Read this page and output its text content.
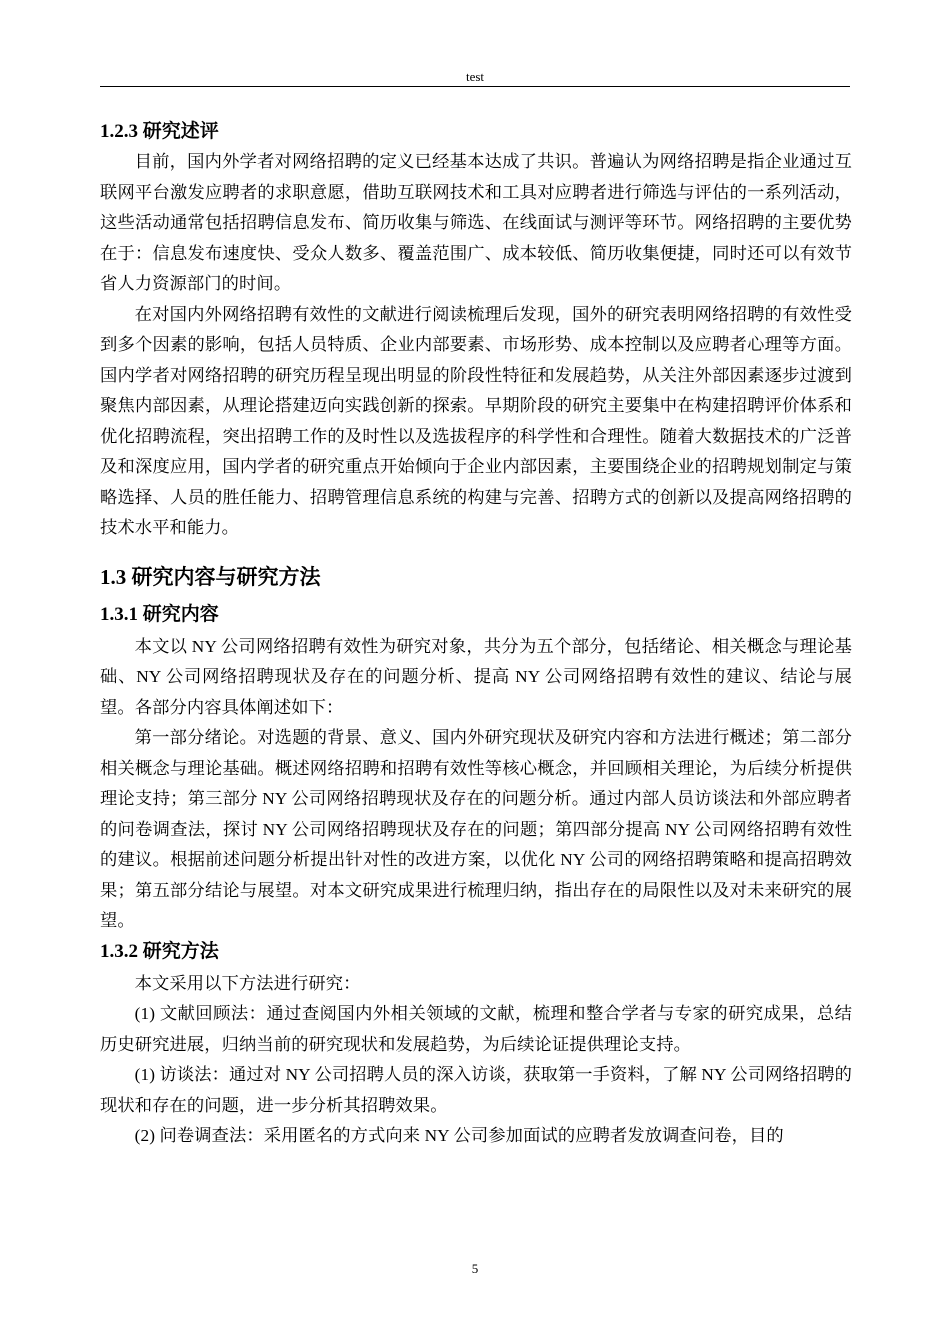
test
1.2.3 研究述评

目前，国内外学者对网络招聘的定义已经基本达成了共识。普遍认为网络招聘是指企业通过互联网平台激发应聘者的求职意愿，借助互联网技术和工具对应聘者进行筛选与评估的一系列活动，这些活动通常包括招聘信息发布、简历收集与筛选、在线面试与测评等环节。网络招聘的主要优势在于：信息发布速度快、受众人数多、覆盖范围广、成本较低、简历收集便捷，同时还可以有效节省人力资源部门的时间。

在对国内外网络招聘有效性的文献进行阅读梳理后发现，国外的研究表明网络招聘的有效性受到多个因素的影响，包括人员特质、企业内部要素、市场形势、成本控制以及应聘者心理等方面。国内学者对网络招聘的研究历程呈现出明显的阶段性特征和发展趋势，从关注外部因素逐步过渡到聚焦内部因素，从理论搭建迈向实践创新的探索。早期阶段的研究主要集中在构建招聘评价体系和优化招聘流程，突出招聘工作的及时性以及选拔程序的科学性和合理性。随着大数据技术的广泛普及和深度应用，国内学者的研究重点开始倾向于企业内部因素，主要围绕企业的招聘规划制定与策略选择、人员的胜任能力、招聘管理信息系统的构建与完善、招聘方式的创新以及提高网络招聘的技术水平和能力。

1.3 研究内容与研究方法
1.3.1 研究内容

本文以 NY 公司网络招聘有效性为研究对象，共分为五个部分，包括绪论、相关概念与理论基础、NY 公司网络招聘现状及存在的问题分析、提高 NY 公司网络招聘有效性的建议、结论与展望。各部分内容具体阐述如下：

第一部分绪论。对选题的背景、意义、国内外研究现状及研究内容和方法进行概述；第二部分相关概念与理论基础。概述网络招聘和招聘有效性等核心概念，并回顾相关理论，为后续分析提供理论支持；第三部分 NY 公司网络招聘现状及存在的问题分析。通过内部人员访谈法和外部应聘者的问卷调查法，探讨 NY 公司网络招聘现状及存在的问题；第四部分提高 NY 公司网络招聘有效性的建议。根据前述问题分析提出针对性的改进方案，以优化 NY 公司的网络招聘策略和提高招聘效果；第五部分结论与展望。对本文研究成果进行梳理归纳，指出存在的局限性以及对未来研究的展望。

1.3.2 研究方法

本文采用以下方法进行研究：

(1) 文献回顾法：通过查阅国内外相关领域的文献，梳理和整合学者与专家的研究成果，总结历史研究进展，归纳当前的研究现状和发展趋势，为后续论证提供理论支持。

(1) 访谈法：通过对 NY 公司招聘人员的深入访谈，获取第一手资料，了解 NY 公司网络招聘的现状和存在的问题，进一步分析其招聘效果。

(2) 问卷调查法：采用匿名的方式向来 NY 公司参加面试的应聘者发放调查问卷，目的

5
